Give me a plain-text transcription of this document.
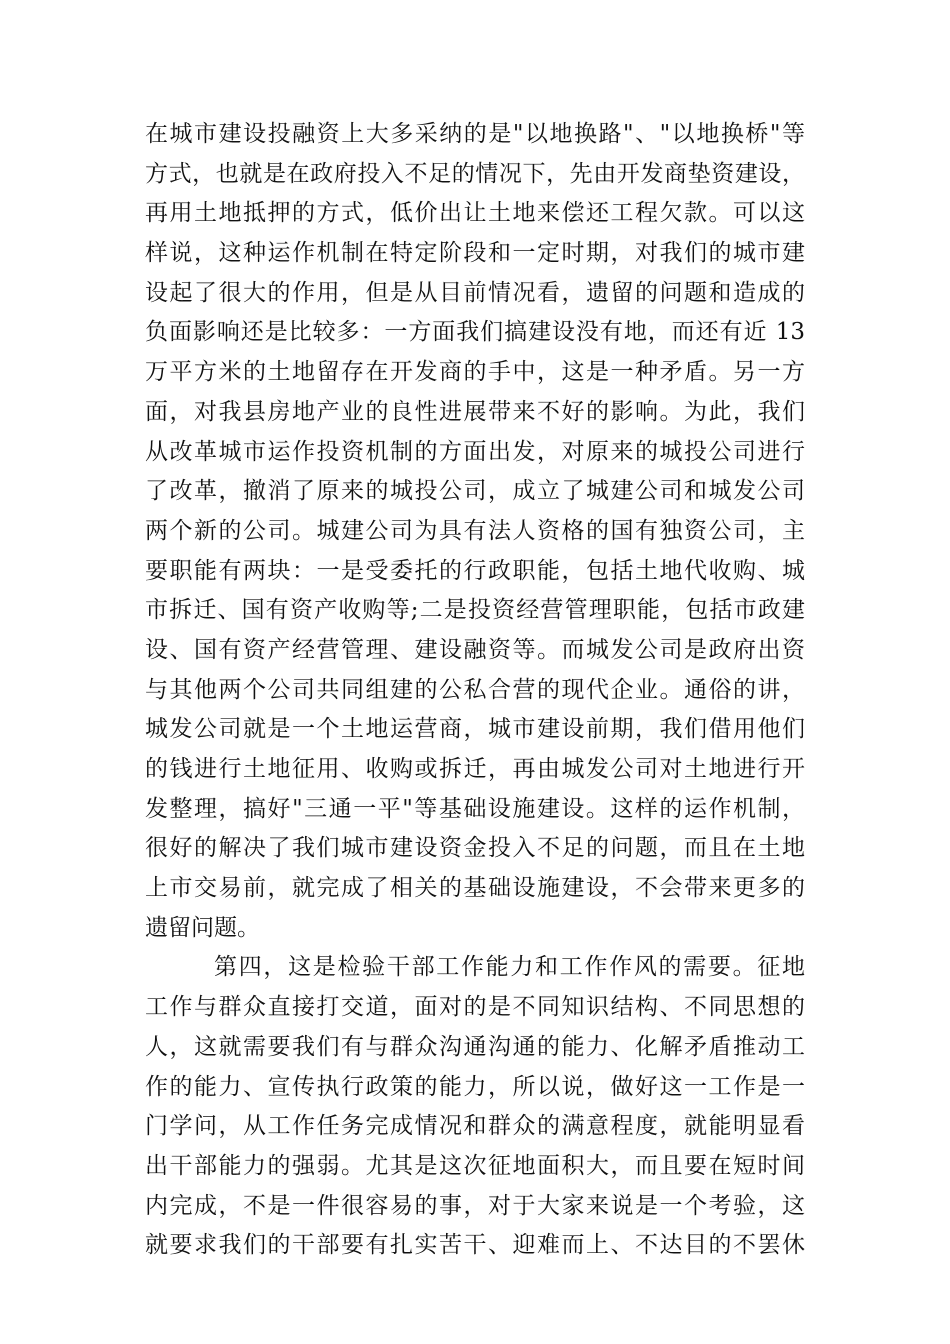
在城市建设投融资上大多采纳的是"以地换路"、"以地换桥"等
方式，也就是在政府投入不足的情况下，先由开发商垫资建设，
再用土地抵押的方式，低价出让土地来偿还工程欠款。可以这
样说，这种运作机制在特定阶段和一定时期，对我们的城市建
设起了很大的作用，但是从目前情况看，遗留的问题和造成的
负面影响还是比较多：一方面我们搞建设没有地，而还有近 13
万平方米的土地留存在开发商的手中，这是一种矛盾。另一方
面，对我县房地产业的良性进展带来不好的影响。为此，我们
从改革城市运作投资机制的方面出发，对原来的城投公司进行
了改革，撤消了原来的城投公司，成立了城建公司和城发公司
两个新的公司。城建公司为具有法人资格的国有独资公司，主
要职能有两块：一是受委托的行政职能，包括土地代收购、城
市拆迁、国有资产收购等;二是投资经营管理职能，包括市政建
设、国有资产经营管理、建设融资等。而城发公司是政府出资
与其他两个公司共同组建的公私合营的现代企业。通俗的讲，
城发公司就是一个土地运营商，城市建设前期，我们借用他们
的钱进行土地征用、收购或拆迁，再由城发公司对土地进行开
发整理，搞好"三通一平"等基础设施建设。这样的运作机制，
很好的解决了我们城市建设资金投入不足的问题，而且在土地
上市交易前，就完成了相关的基础设施建设，不会带来更多的
遗留问题。
第四，这是检验干部工作能力和工作作风的需要。征地
工作与群众直接打交道，面对的是不同知识结构、不同思想的
人，这就需要我们有与群众沟通沟通的能力、化解矛盾推动工
作的能力、宣传执行政策的能力，所以说，做好这一工作是一
门学问，从工作任务完成情况和群众的满意程度，就能明显看
出干部能力的强弱。尤其是这次征地面积大，而且要在短时间
内完成，不是一件很容易的事，对于大家来说是一个考验，这
就要求我们的干部要有扎实苦干、迎难而上、不达目的不罢休
